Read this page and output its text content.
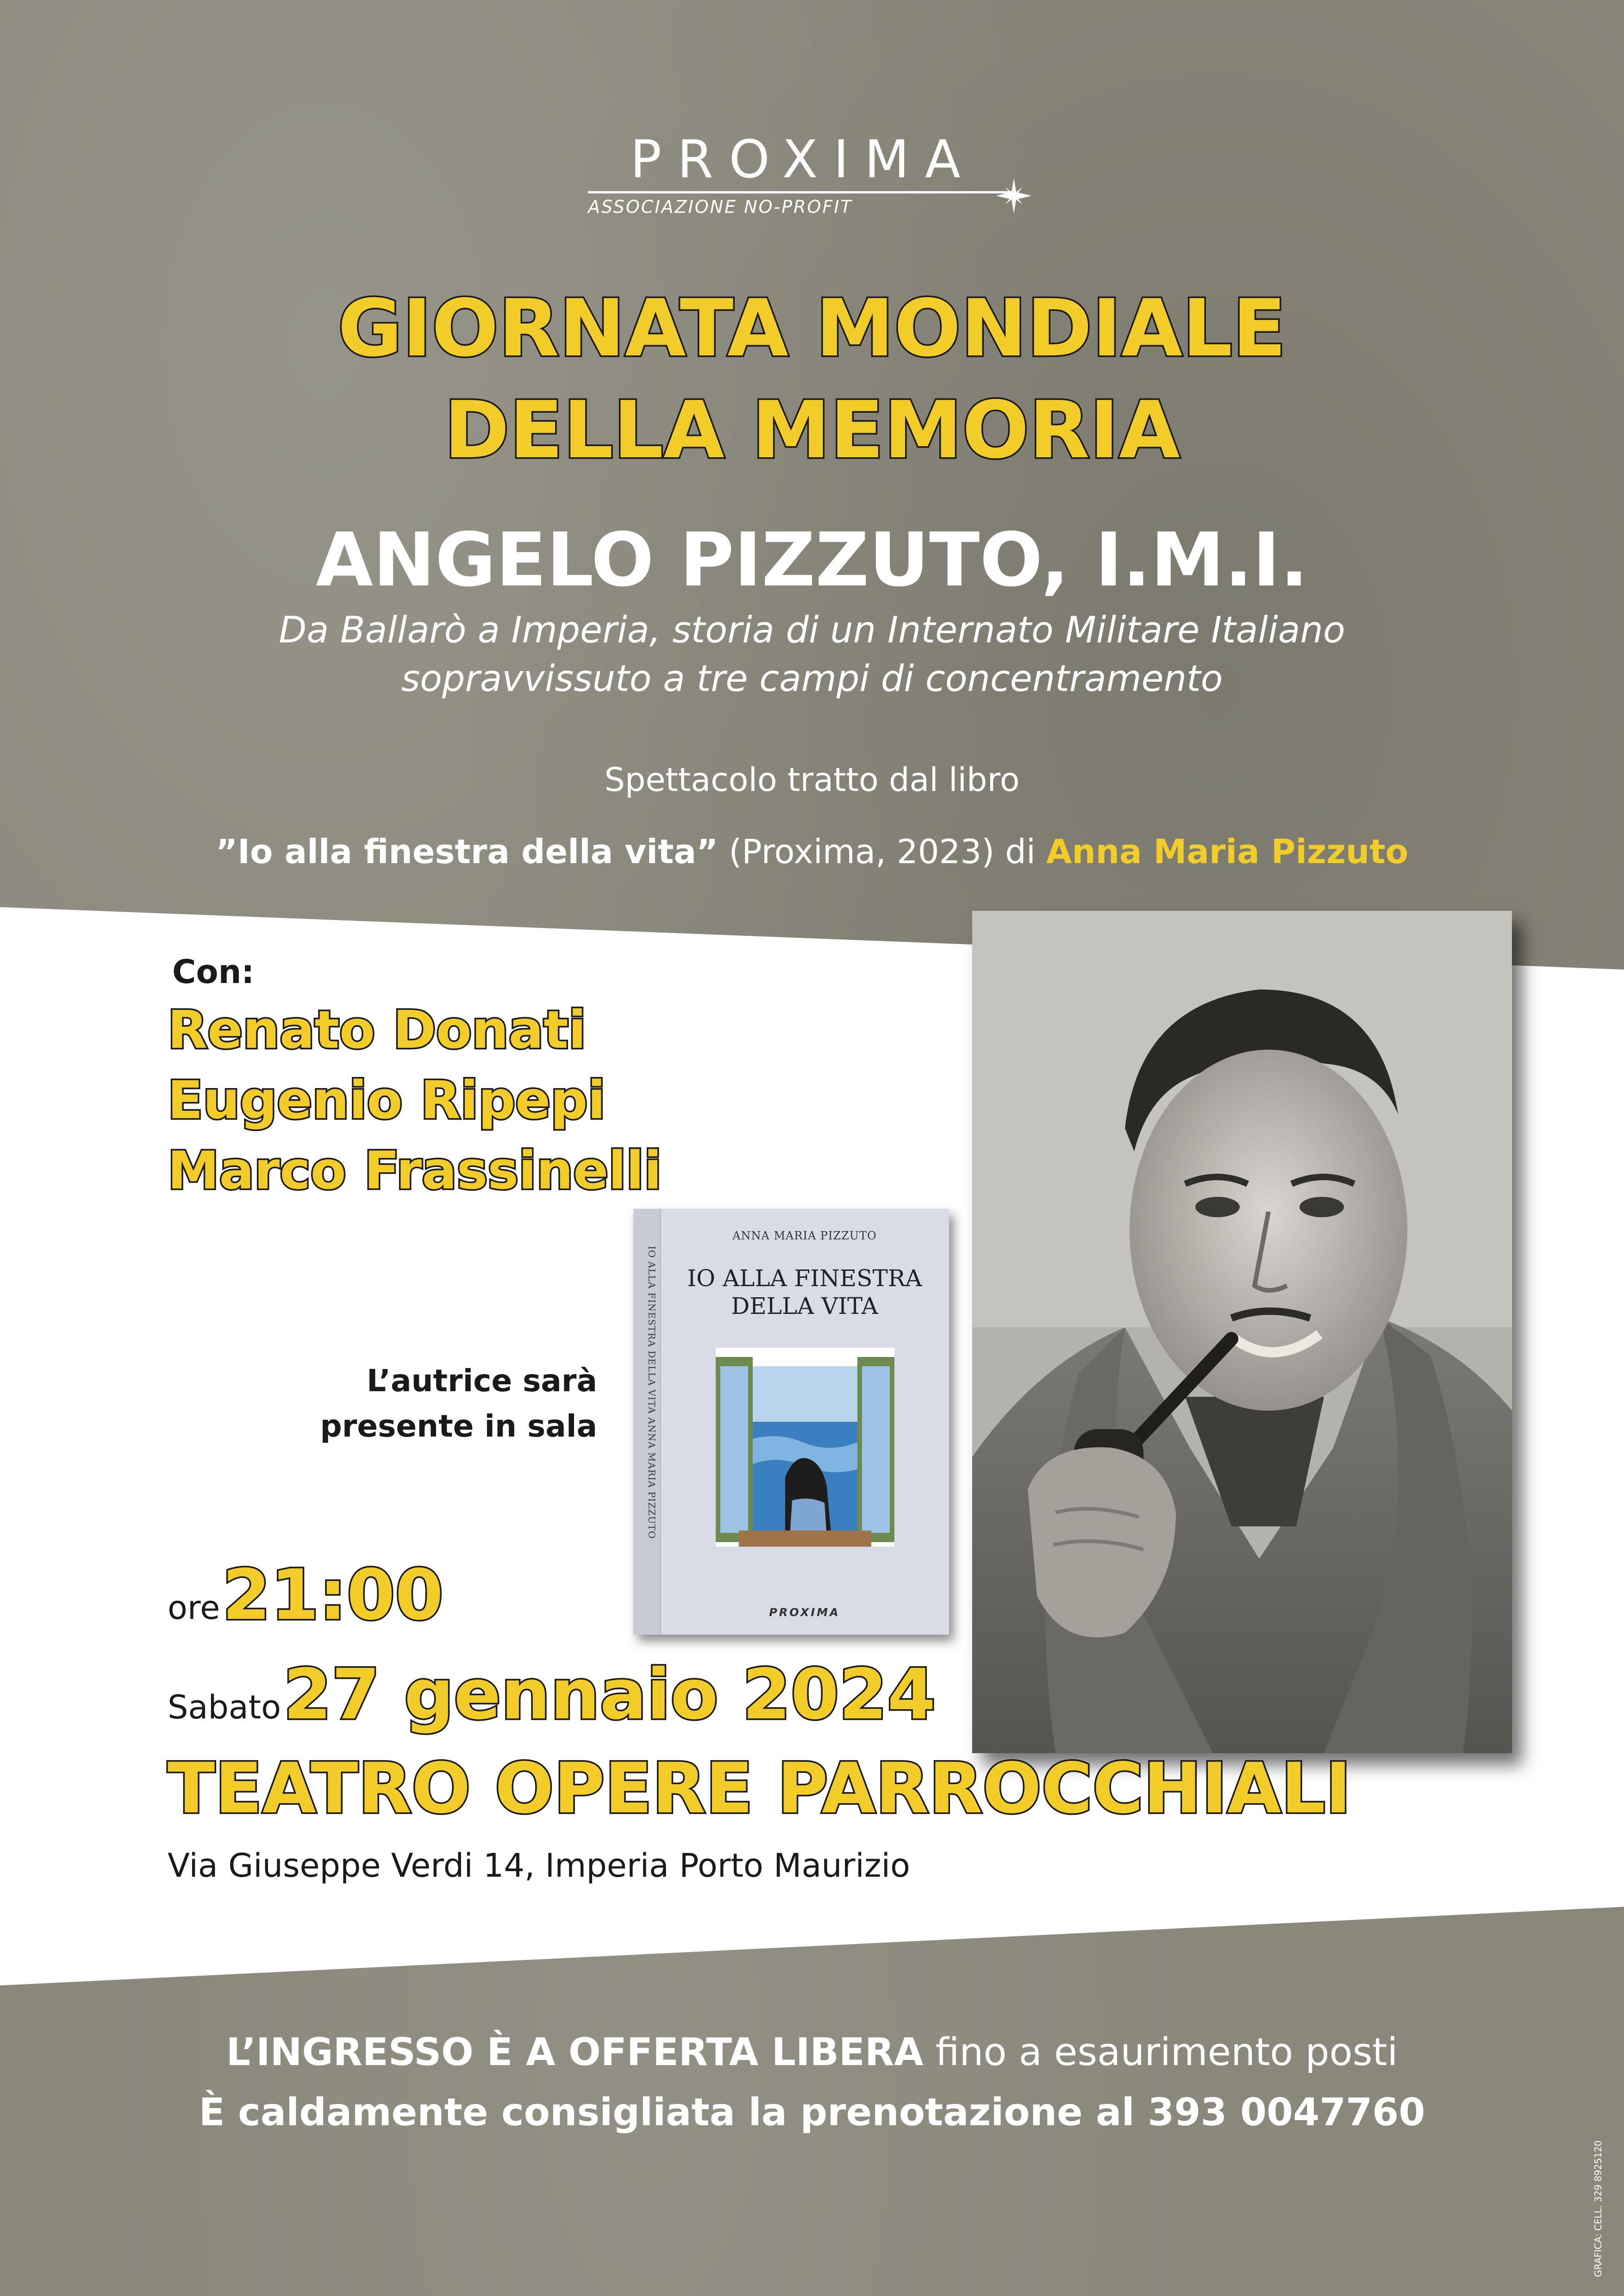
PROXIMA
ASSOCIAZIONE NO-PROFIT
GIORNATA MONDIALE
DELLA MEMORIA
ANGELO PIZZUTO, I.M.I.
Da Ballarò a Imperia, storia di un Internato Militare Italiano
sopravvissuto a tre campi di concentramento
Spettacolo tratto dal libro
”Io alla finestra della vita” (Proxima, 2023) di Anna Maria Pizzuto
Con:
Renato Donati
Eugenio Ripepi
Marco Frassinelli
IO ALLA FINESTRA DELLA VITA ANNA MARIA PIZZUTO
ANNA MARIA PIZZUTO
IO ALLA FINESTRA
DELLA VITA
PROXIMA
L’autrice sarà
presente in sala
ore 21:00
Sabato 27 gennaio 2024
TEATRO OPERE PARROCCHIALI
Via Giuseppe Verdi 14, Imperia Porto Maurizio
L’INGRESSO È A OFFERTA LIBERA fino a esaurimento posti
È caldamente consigliata la prenotazione al 393 0047760
GRAFICA: CELL. 329 8925120
